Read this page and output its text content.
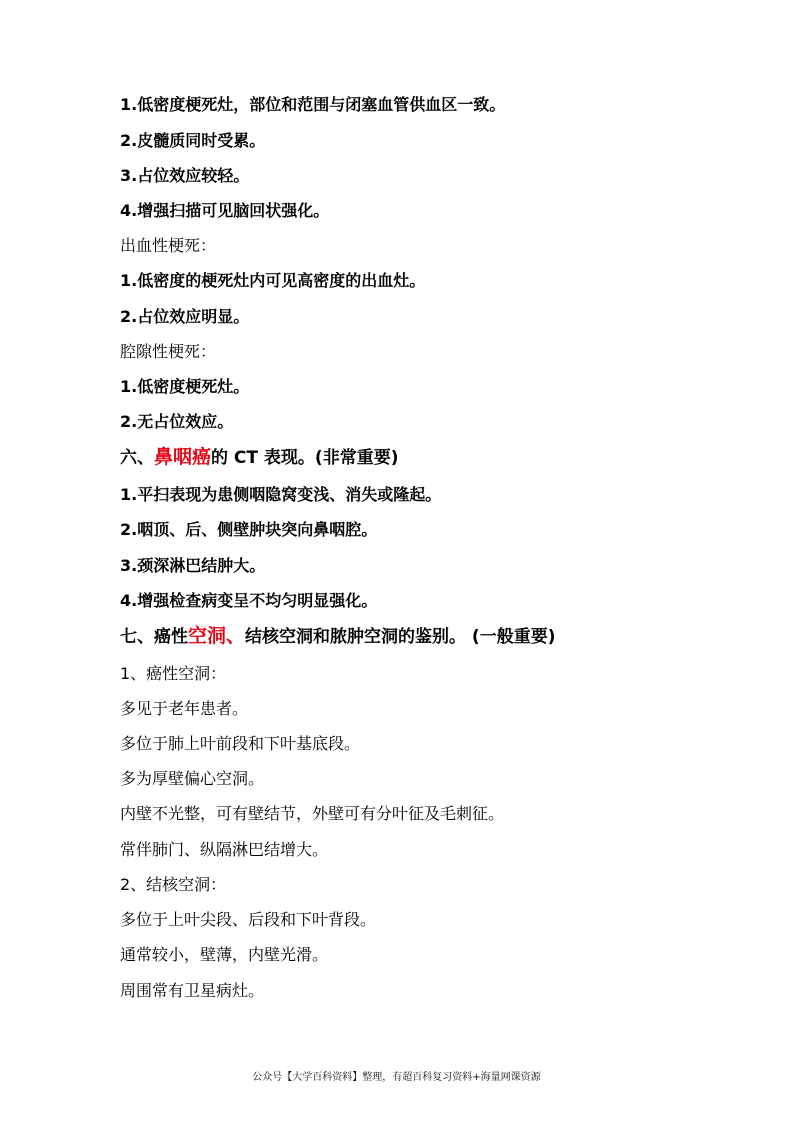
1.低密度梗死灶，部位和范围与闭塞血管供血区一致。
2.皮髓质同时受累。
3.占位效应较轻。
4.增强扫描可见脑回状强化。
出血性梗死：
1.低密度的梗死灶内可见高密度的出血灶。
2.占位效应明显。
腔隙性梗死：
1.低密度梗死灶。
2.无占位效应。
六、鼻咽癌的 CT 表现。(非常重要)
1.平扫表现为患侧咽隐窝变浅、消失或隆起。
2.咽顶、后、侧壁肿块突向鼻咽腔。
3.颈深淋巴结肿大。
4.增强检查病变呈不均匀明显强化。
七、癌性空洞、结核空洞和脓肿空洞的鉴别。 (一般重要)
1、癌性空洞：
多见于老年患者。
多位于肺上叶前段和下叶基底段。
多为厚壁偏心空洞。
内壁不光整，可有壁结节，外壁可有分叶征及毛刺征。
常伴肺门、纵隔淋巴结增大。
2、结核空洞：
多位于上叶尖段、后段和下叶背段。
通常较小，壁薄，内壁光滑。
周围常有卫星病灶。
公众号【大学百科资料】整理，有超百科复习资料+海量网课资源
